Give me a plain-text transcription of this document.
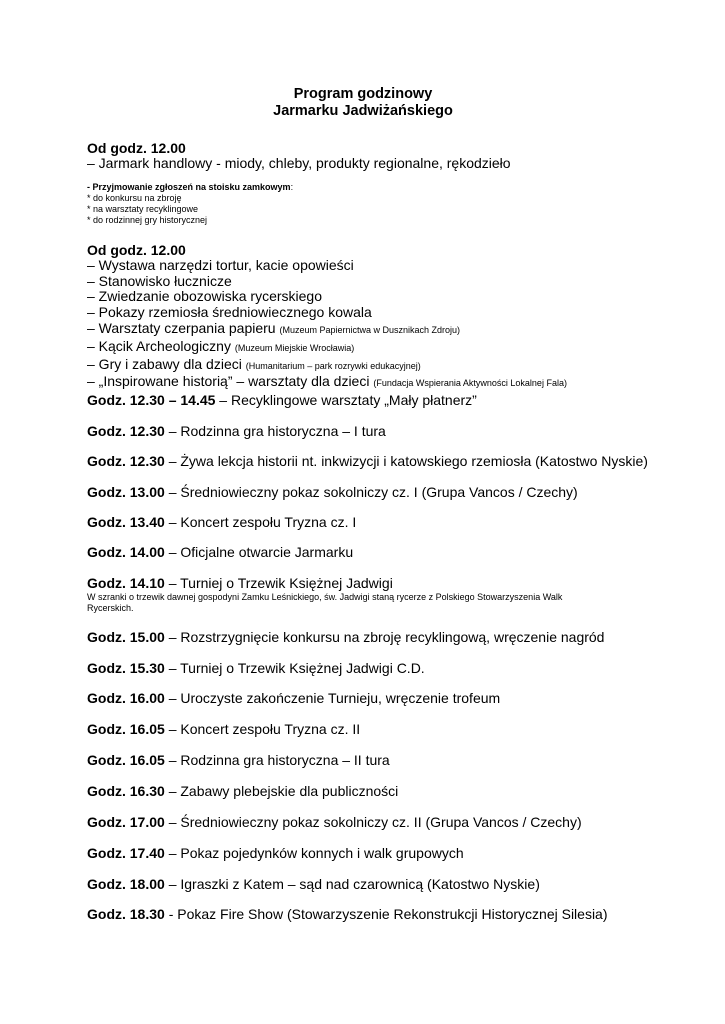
Program godzinowy
Jarmarku Jadwiżańskiego
Od godz. 12.00
– Jarmark handlowy - miody, chleby, produkty regionalne, rękodzieło
- Przyjmowanie zgłoszeń na stoisku zamkowym:
* do konkursu na zbroję
* na warsztaty recyklingowe
* do rodzinnej gry historycznej
Od godz. 12.00
– Wystawa narzędzi tortur, kacie opowieści
– Stanowisko łucznicze
– Zwiedzanie obozowiska rycerskiego
– Pokazy rzemiosła średniowiecznego kowala
– Warsztaty czerpania papieru (Muzeum Papiernictwa w Dusznikach Zdroju)
– Kącik Archeologiczny (Muzeum Miejskie Wrocławia)
– Gry i zabawy dla dzieci (Humanitarium – park rozrywki edukacyjnej)
– „Inspirowane historią” – warsztaty dla dzieci (Fundacja Wspierania Aktywności Lokalnej Fala)
Godz. 12.30 – 14.45 – Recyklingowe warsztaty „Mały płatnerz”
Godz. 12.30 – Rodzinna gra historyczna – I tura
Godz. 12.30 – Żywa lekcja historii nt. inkwizycji i katowskiego rzemiosła (Katostwo Nyskie)
Godz. 13.00 – Średniowieczny pokaz sokolniczy cz. I (Grupa Vancos / Czechy)
Godz. 13.40 – Koncert zespołu Tryzna cz. I
Godz. 14.00 – Oficjalne otwarcie Jarmarku
Godz. 14.10 – Turniej o Trzewik Księżnej Jadwigi
W szranki o trzewik dawnej gospodyni Zamku Leśnickiego, św. Jadwigi staną rycerze z Polskiego Stowarzyszenia Walk Rycerskich.
Godz. 15.00 – Rozstrzygnięcie konkursu na zbroję recyklingową, wręczenie nagród
Godz. 15.30 – Turniej o Trzewik Księżnej Jadwigi C.D.
Godz. 16.00 – Uroczyste zakończenie Turnieju, wręczenie trofeum
Godz. 16.05 – Koncert zespołu Tryzna cz. II
Godz. 16.05 – Rodzinna gra historyczna – II tura
Godz. 16.30 – Zabawy plebejskie dla publiczności
Godz. 17.00 – Średniowieczny pokaz sokolniczy cz. II (Grupa Vancos / Czechy)
Godz. 17.40 – Pokaz pojedynków konnych i walk grupowych
Godz. 18.00 – Igraszki z Katem – sąd nad czarownicą (Katostwo Nyskie)
Godz. 18.30 - Pokaz Fire Show (Stowarzyszenie Rekonstrukcji Historycznej Silesia)
